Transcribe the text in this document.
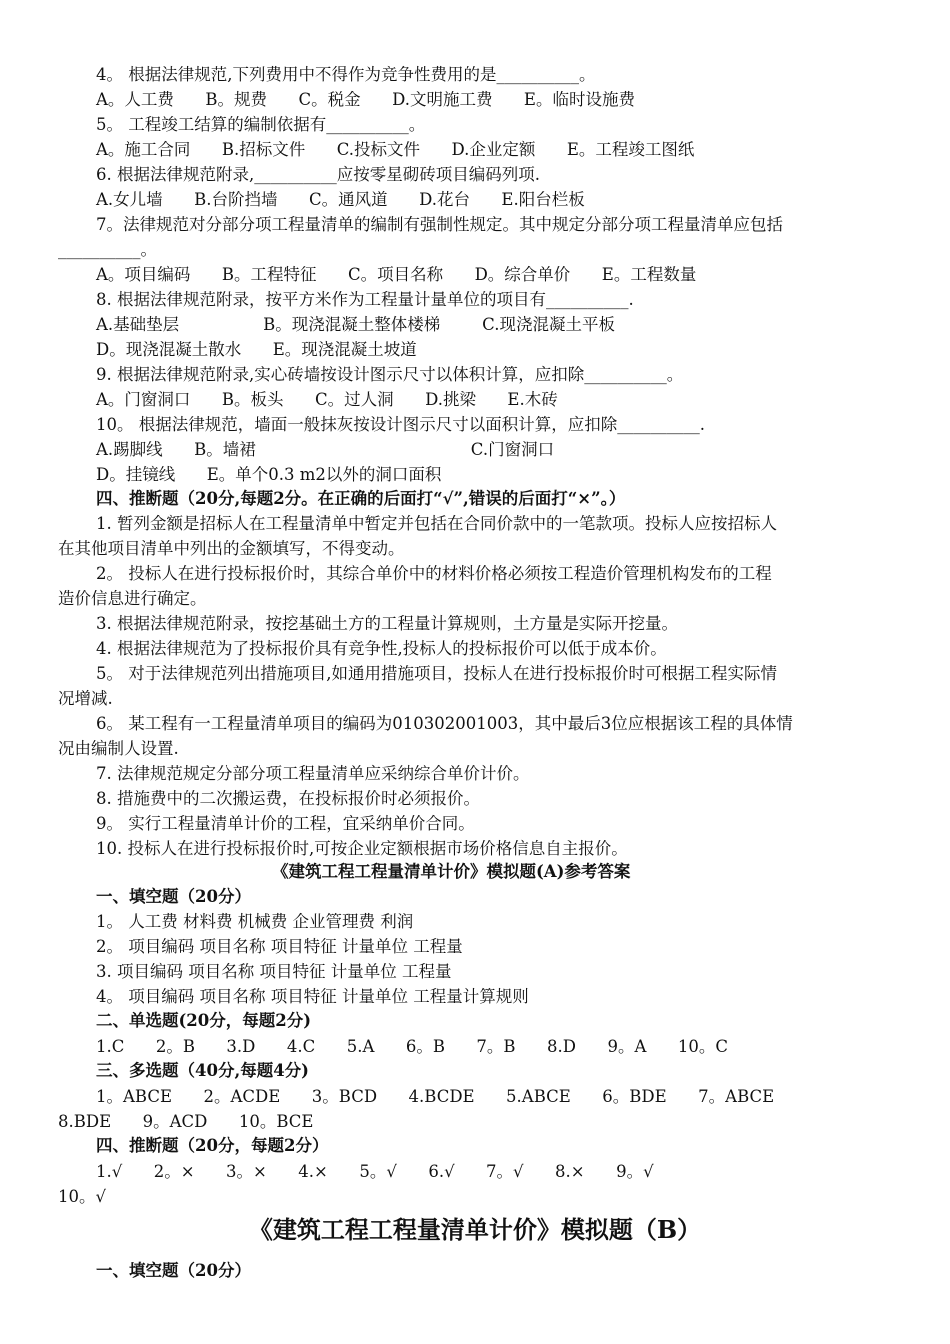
4。 根据法律规范,下列费用中不得作为竞争性费用的是__________。
A。人工费      B。规费      C。税金      D.文明施工费      E。临时设施费
5。 工程竣工结算的编制依据有__________。
A。施工合同      B.招标文件      C.投标文件      D.企业定额      E。工程竣工图纸
6. 根据法律规范附录,__________应按零星砌砖项目编码列项.
A.女儿墙      B.台阶挡墙      C。通风道      D.花台      E.阳台栏板
7。法律规范对分部分项工程量清单的编制有强制性规定。其中规定分部分项工程量清单应包括
__________。
A。项目编码      B。工程特征      C。项目名称      D。综合单价      E。工程数量
8. 根据法律规范附录，按平方米作为工程量计量单位的项目有__________.
A.基础垫层                B。现浇混凝土整体楼梯        C.现浇混凝土平板
D。现浇混凝土散水      E。现浇混凝土坡道
9. 根据法律规范附录,实心砖墙按设计图示尺寸以体积计算，应扣除__________。
A。门窗洞口      B。板头      C。过人洞      D.挑梁      E.木砖
10。 根据法律规范，墙面一般抹灰按设计图示尺寸以面积计算，应扣除__________.
A.踢脚线      B。墙裙                                         C.门窗洞口
D。挂镜线      E。单个0.3 m2以外的洞口面积
四、推断题（20分,每题2分。在正确的后面打“√”,错误的后面打“×”。）
1. 暂列金额是招标人在工程量清单中暂定并包括在合同价款中的一笔款项。投标人应按招标人
在其他项目清单中列出的金额填写，不得变动。
2。 投标人在进行投标报价时，其综合单价中的材料价格必须按工程造价管理机构发布的工程
造价信息进行确定。
3. 根据法律规范附录，按挖基础土方的工程量计算规则，土方量是实际开挖量。
4. 根据法律规范为了投标报价具有竞争性,投标人的投标报价可以低于成本价。
5。 对于法律规范列出措施项目,如通用措施项目，投标人在进行投标报价时可根据工程实际情
况增减.
6。 某工程有一工程量清单项目的编码为010302001003，其中最后3位应根据该工程的具体情
况由编制人设置.
7. 法律规范规定分部分项工程量清单应采纳综合单价计价。
8. 措施费中的二次搬运费，在投标报价时必须报价。
9。 实行工程量清单计价的工程，宜采纳单价合同。
10. 投标人在进行投标报价时,可按企业定额根据市场价格信息自主报价。
《建筑工程工程量清单计价》模拟题(A)参考答案
一、填空题（20分）
1。 人工费 材料费 机械费 企业管理费 利润
2。 项目编码 项目名称 项目特征 计量单位 工程量
3. 项目编码 项目名称 项目特征 计量单位 工程量
4。 项目编码 项目名称 项目特征 计量单位 工程量计算规则
二、单选题(20分，每题2分)
1.C      2。B      3.D      4.C      5.A      6。B      7。B      8.D      9。A      10。C
三、多选题（40分,每题4分)
1。ABCE      2。ACDE      3。BCD      4.BCDE      5.ABCE      6。BDE      7。ABCE
8.BDE      9。ACD      10。BCE
四、推断题（20分，每题2分）
1.√      2。×      3。×      4.×      5。√      6.√      7。√      8.×      9。√
10。√
《建筑工程工程量清单计价》模拟题（B）
一、填空题（20分）
